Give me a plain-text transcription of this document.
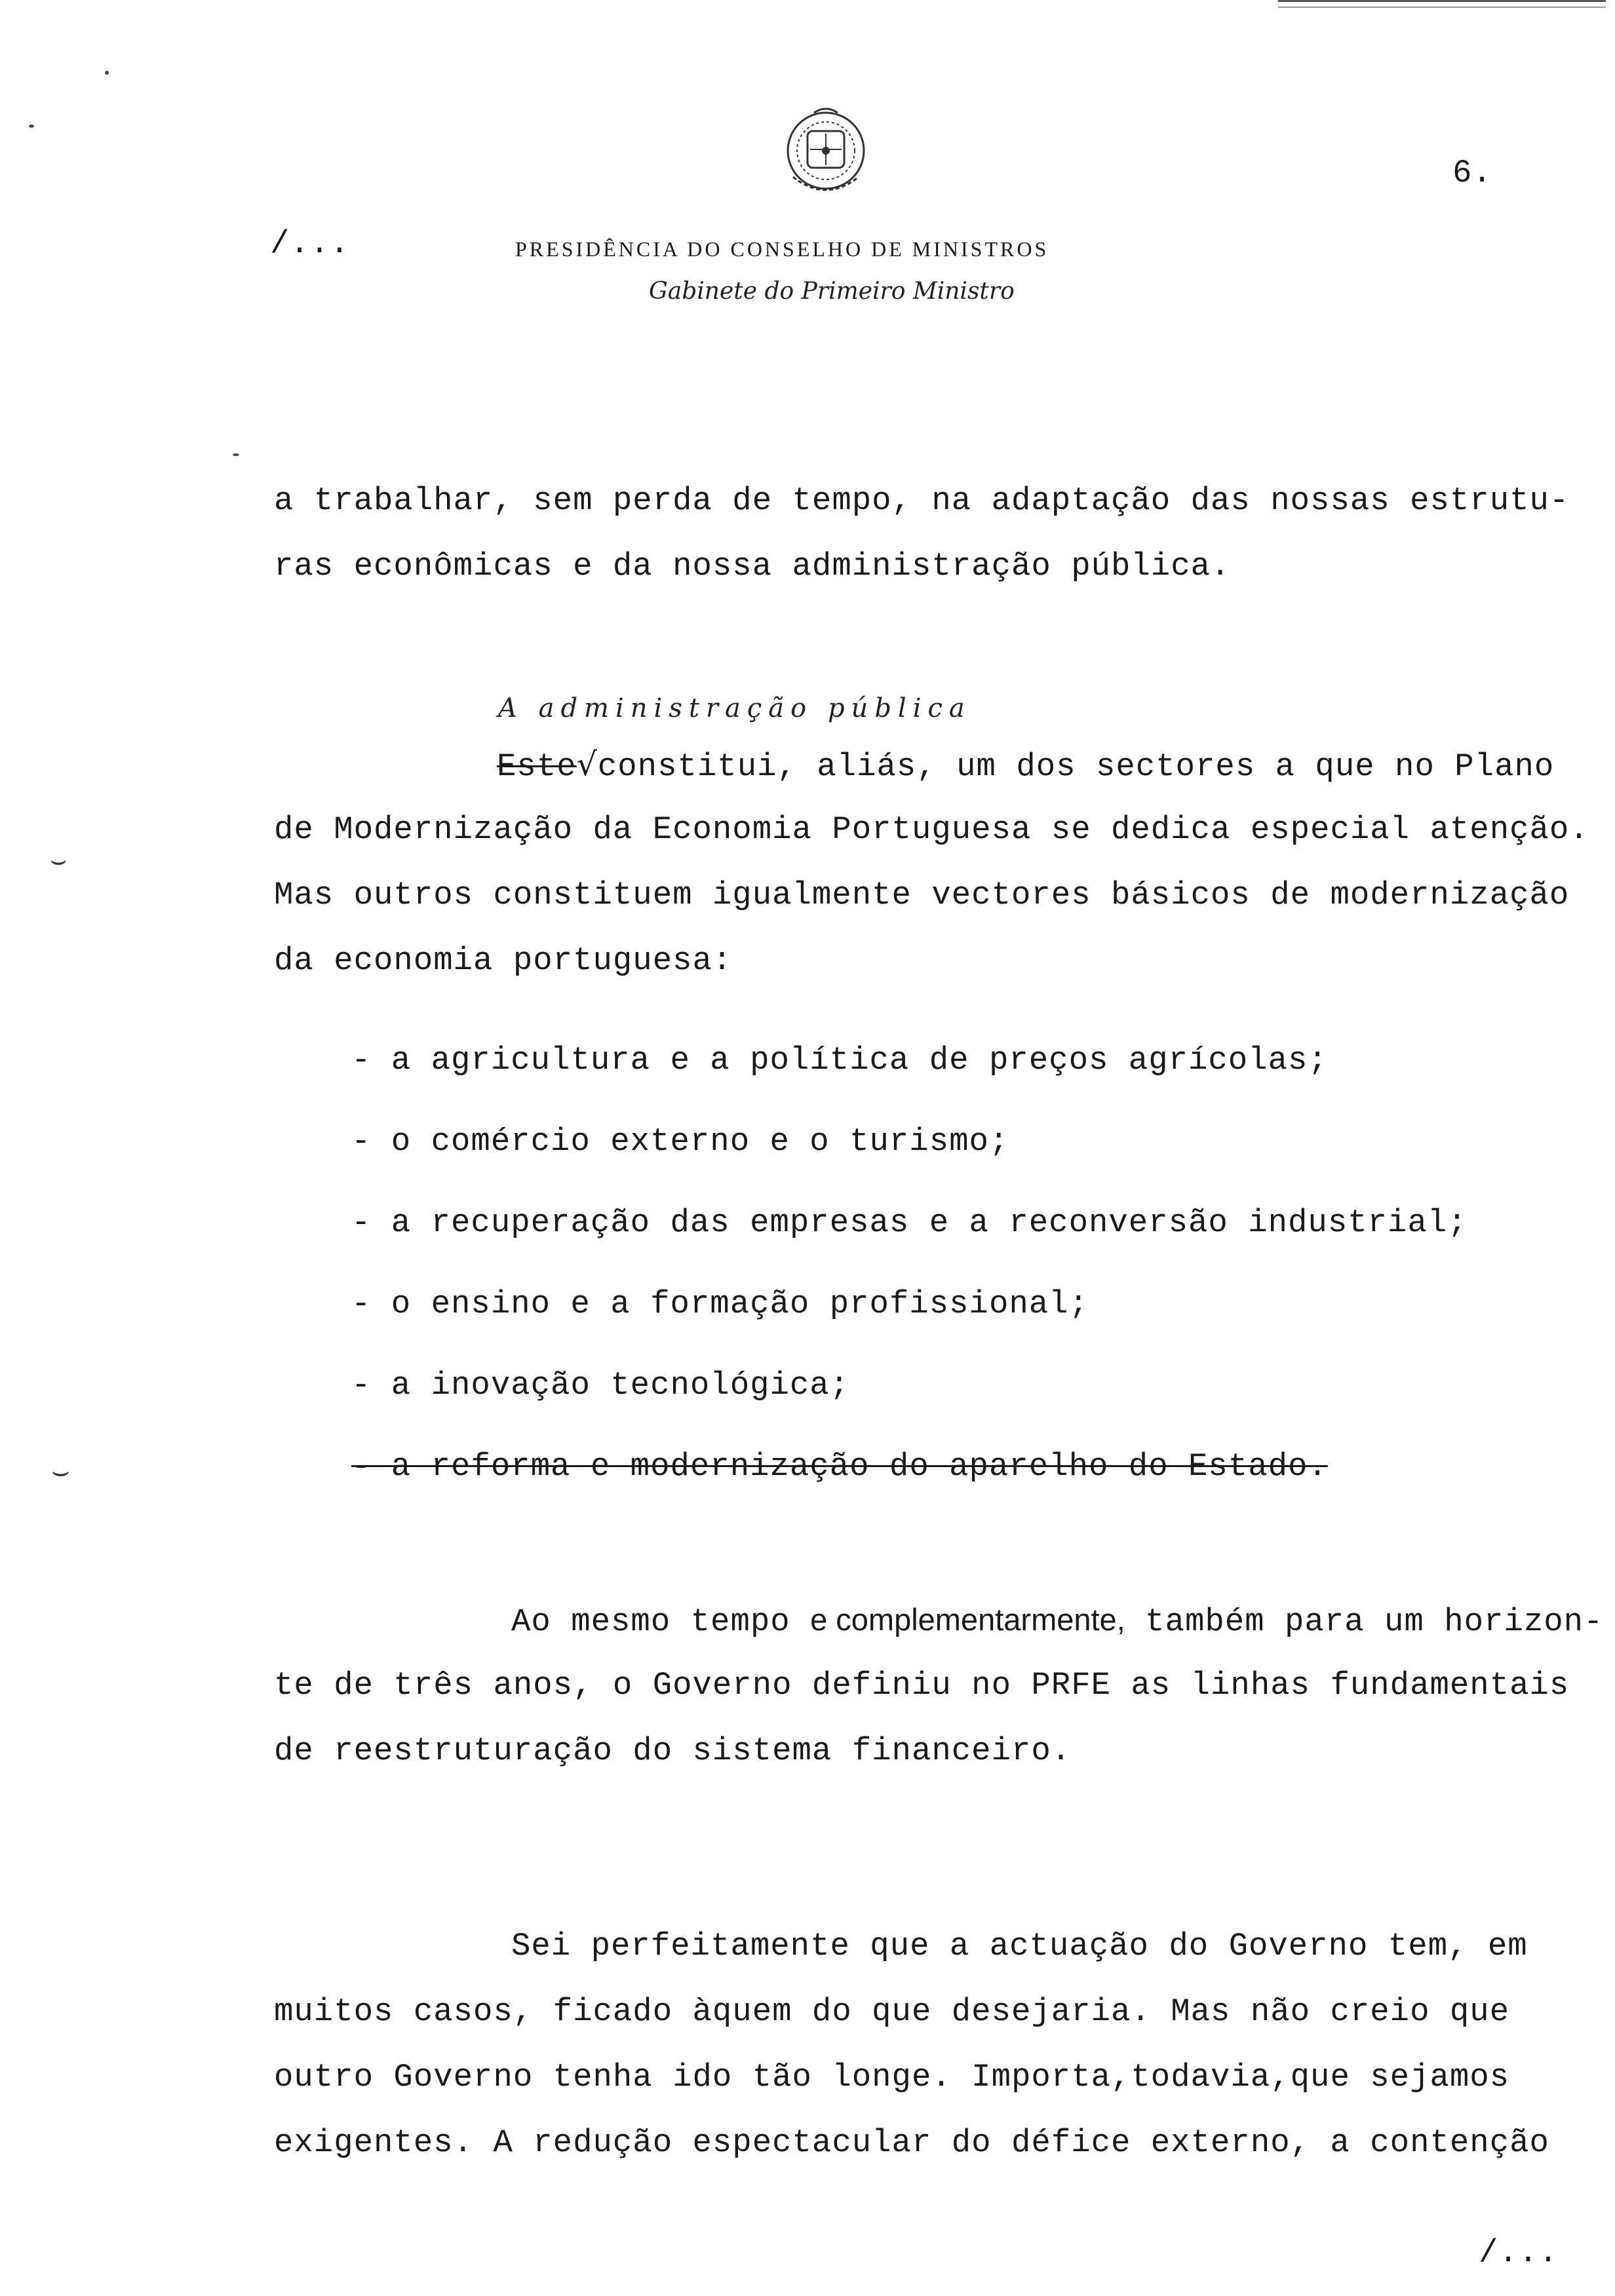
⌣
⌣
6.
/...	PRESIDÊNCIA DO CONSELHO DE MINISTROS
Gabinete do Primeiro Ministro
a trabalhar, sem perda de tempo, na adaptação das nossas estrutu-
ras econômicas e da nossa administração pública.
A administração pública
Este√constitui, aliás, um dos sectores a que no Plano
de Modernização da Economia Portuguesa se dedica especial atenção.
Mas outros constituem igualmente vectores básicos de modernização
da economia portuguesa:
- a agricultura e a política de preços agrícolas;
- o comércio externo e o turismo;
- a recuperação das empresas e a reconversão industrial;
- o ensino e a formação profissional;
- a inovação tecnológica;
- a reforma e modernização do aparelho do Estado.
Ao mesmo tempo e complementarmente, também para um horizon-
te de três anos, o Governo definiu no PRFE as linhas fundamentais
de reestruturação do sistema financeiro.
Sei perfeitamente que a actuação do Governo tem, em
muitos casos, ficado àquem do que desejaria. Mas não creio que
outro Governo tenha ido tão longe. Importa,todavia,que sejamos
exigentes. A redução espectacular do défice externo, a contenção
/...
